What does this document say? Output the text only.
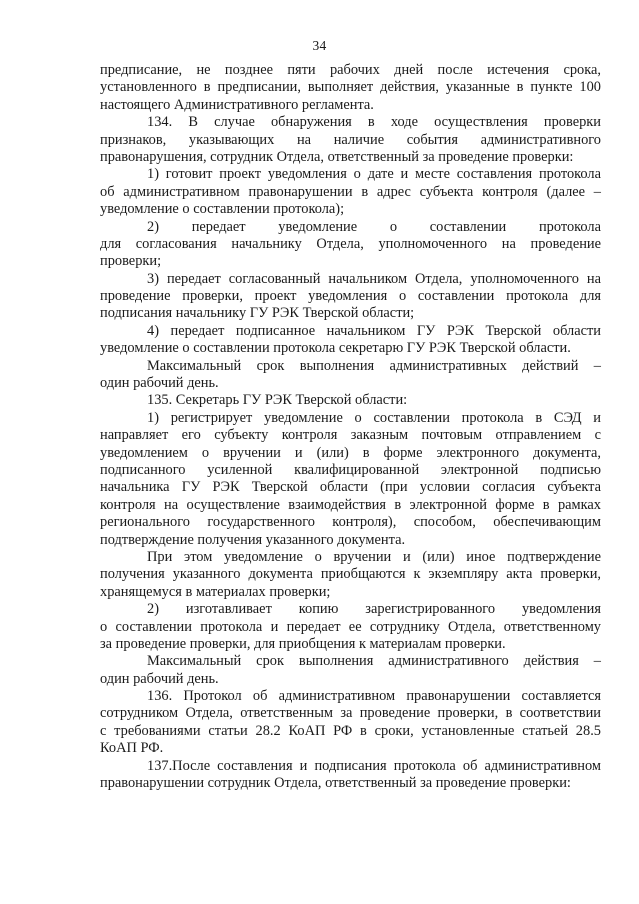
34
предписание, не позднее пяти рабочих дней после истечения срока,
установленного в предписании, выполняет действия, указанные в пункте 100
настоящего Административного регламента.
134. В случае обнаружения в ходе осуществления проверки
признаков, указывающих на наличие события административного
правонарушения, сотрудник Отдела, ответственный за проведение проверки:
1) готовит проект уведомления о дате и месте составления протокола
об административном правонарушении в адрес субъекта контроля (далее –
уведомление о составлении протокола);
2) передает уведомление о составлении протокола
для согласования начальнику Отдела, уполномоченного на проведение
проверки;
3) передает согласованный начальником Отдела, уполномоченного на
проведение проверки, проект уведомления о составлении протокола для
подписания начальнику ГУ РЭК Тверской области;
4) передает подписанное начальником ГУ РЭК Тверской области
уведомление о составлении протокола секретарю ГУ РЭК Тверской области.
Максимальный срок выполнения административных действий –
один рабочий день.
135. Секретарь ГУ РЭК Тверской области:
1) регистрирует уведомление о составлении протокола в СЭД и
направляет его субъекту контроля заказным почтовым отправлением с
уведомлением о вручении и (или) в форме электронного документа,
подписанного усиленной квалифицированной электронной подписью
начальника ГУ РЭК Тверской области (при условии согласия субъекта
контроля на осуществление взаимодействия в электронной форме в рамках
регионального государственного контроля), способом, обеспечивающим
подтверждение получения указанного документа.
При этом уведомление о вручении и (или) иное подтверждение
получения указанного документа приобщаются к экземпляру акта проверки,
хранящемуся в материалах проверки;
2) изготавливает копию зарегистрированного уведомления
о составлении протокола и передает ее сотруднику Отдела, ответственному
за проведение проверки, для приобщения к материалам проверки.
Максимальный срок выполнения административного действия –
один рабочий день.
136. Протокол об административном правонарушении составляется
сотрудником Отдела, ответственным за проведение проверки, в соответствии
с требованиями статьи 28.2 КоАП РФ в сроки, установленные статьей 28.5
КоАП РФ.
137.После составления и подписания протокола об административном
правонарушении сотрудник Отдела, ответственный за проведение проверки:
